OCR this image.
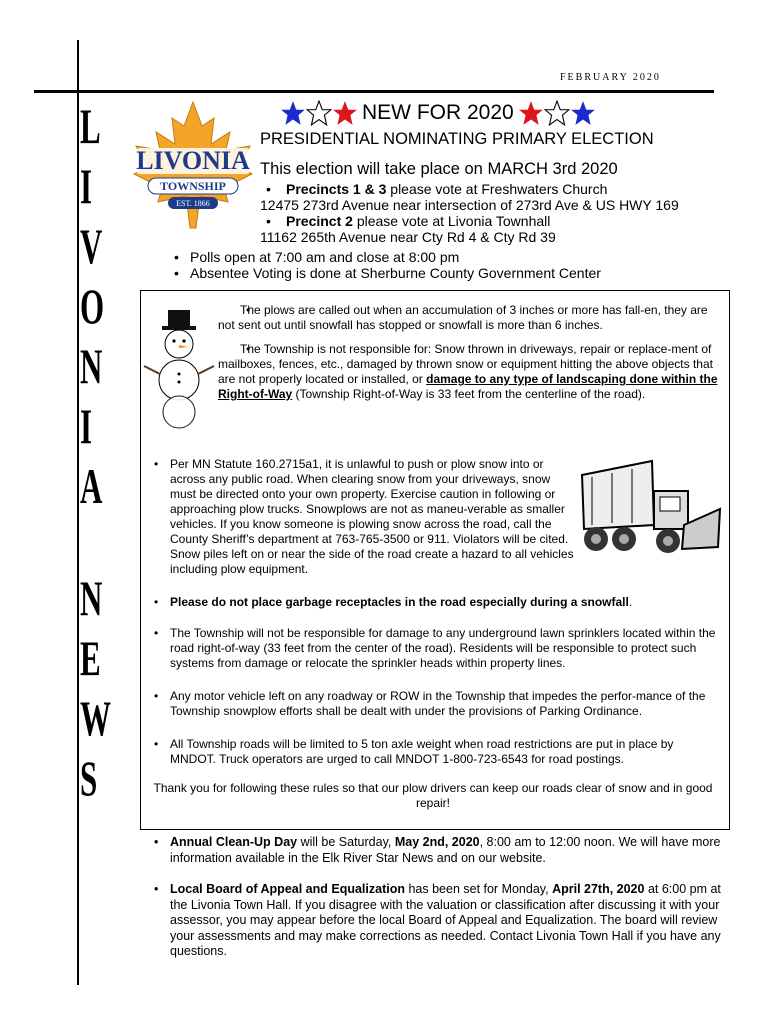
FEBRUARY 2020
L
I
V
O
N
I
A
N
E
W
S
LIVONIA
TOWNSHIP
EST. 1866
NEW FOR 2020
PRESIDENTIAL NOMINATING PRIMARY ELECTION
This election will take place on MARCH 3rd 2020
• Precincts 1 & 3 please vote at Freshwaters Church
12475 273rd Avenue near intersection of 273rd Ave & US HWY 169
• Precinct 2 please vote at Livonia Townhall
11162 265th Avenue near Cty Rd 4 & Cty Rd 39
• Polls open at 7:00 am and close at 8:00 pm
• Absentee Voting is done at Sherburne County Government Center
• The plows are called out when an accumulation of 3 inches or more has fall-en, they are not sent out until snowfall has stopped or snowfall is more than 6 inches.
• The Township is not responsible for: Snow thrown in driveways, repair or replace-ment of mailboxes, fences, etc., damaged by thrown snow or equipment hitting the above objects that are not properly located or installed, or damage to any type of landscaping done within the Right-of-Way (Township Right-of-Way is 33 feet from the centerline of the road).
• Per MN Statute 160.2715a1, it is unlawful to push or plow snow into or across any public road. When clearing snow from your driveways, snow must be directed onto your own property. Exercise caution in following or approaching plow trucks. Snowplows are not as maneu-verable as smaller vehicles. If you know someone is plowing snow across the road, call the County Sheriff’s department at 763-765-3500 or 911. Violators will be cited. Snow piles left on or near the side of the road create a hazard to all vehicles including plow equipment.
• Please do not place garbage receptacles in the road especially during a snowfall.
• The Township will not be responsible for damage to any underground lawn sprinklers located within the road right-of-way (33 feet from the center of the road). Residents will be responsible to protect such systems from damage or relocate the sprinkler heads within property lines.
• Any motor vehicle left on any roadway or ROW in the Township that impedes the perfor-mance of the Township snowplow efforts shall be dealt with under the provisions of Parking Ordinance.
• All Township roads will be limited to 5 ton axle weight when road restrictions are put in place by MNDOT. Truck operators are urged to call MNDOT 1-800-723-6543 for road postings.
Thank you for following these rules so that our plow drivers can keep our roads clear of snow and in good repair!
• Annual Clean-Up Day will be Saturday, May 2nd, 2020, 8:00 am to 12:00 noon. We will have more information available in the Elk River Star News and on our website.
• Local Board of Appeal and Equalization has been set for Monday, April 27th, 2020 at 6:00 pm at the Livonia Town Hall. If you disagree with the valuation or classification after discussing it with your assessor, you may appear before the local Board of Appeal and Equalization. The board will review your assessments and may make corrections as needed. Contact Livonia Town Hall if you have any questions.
